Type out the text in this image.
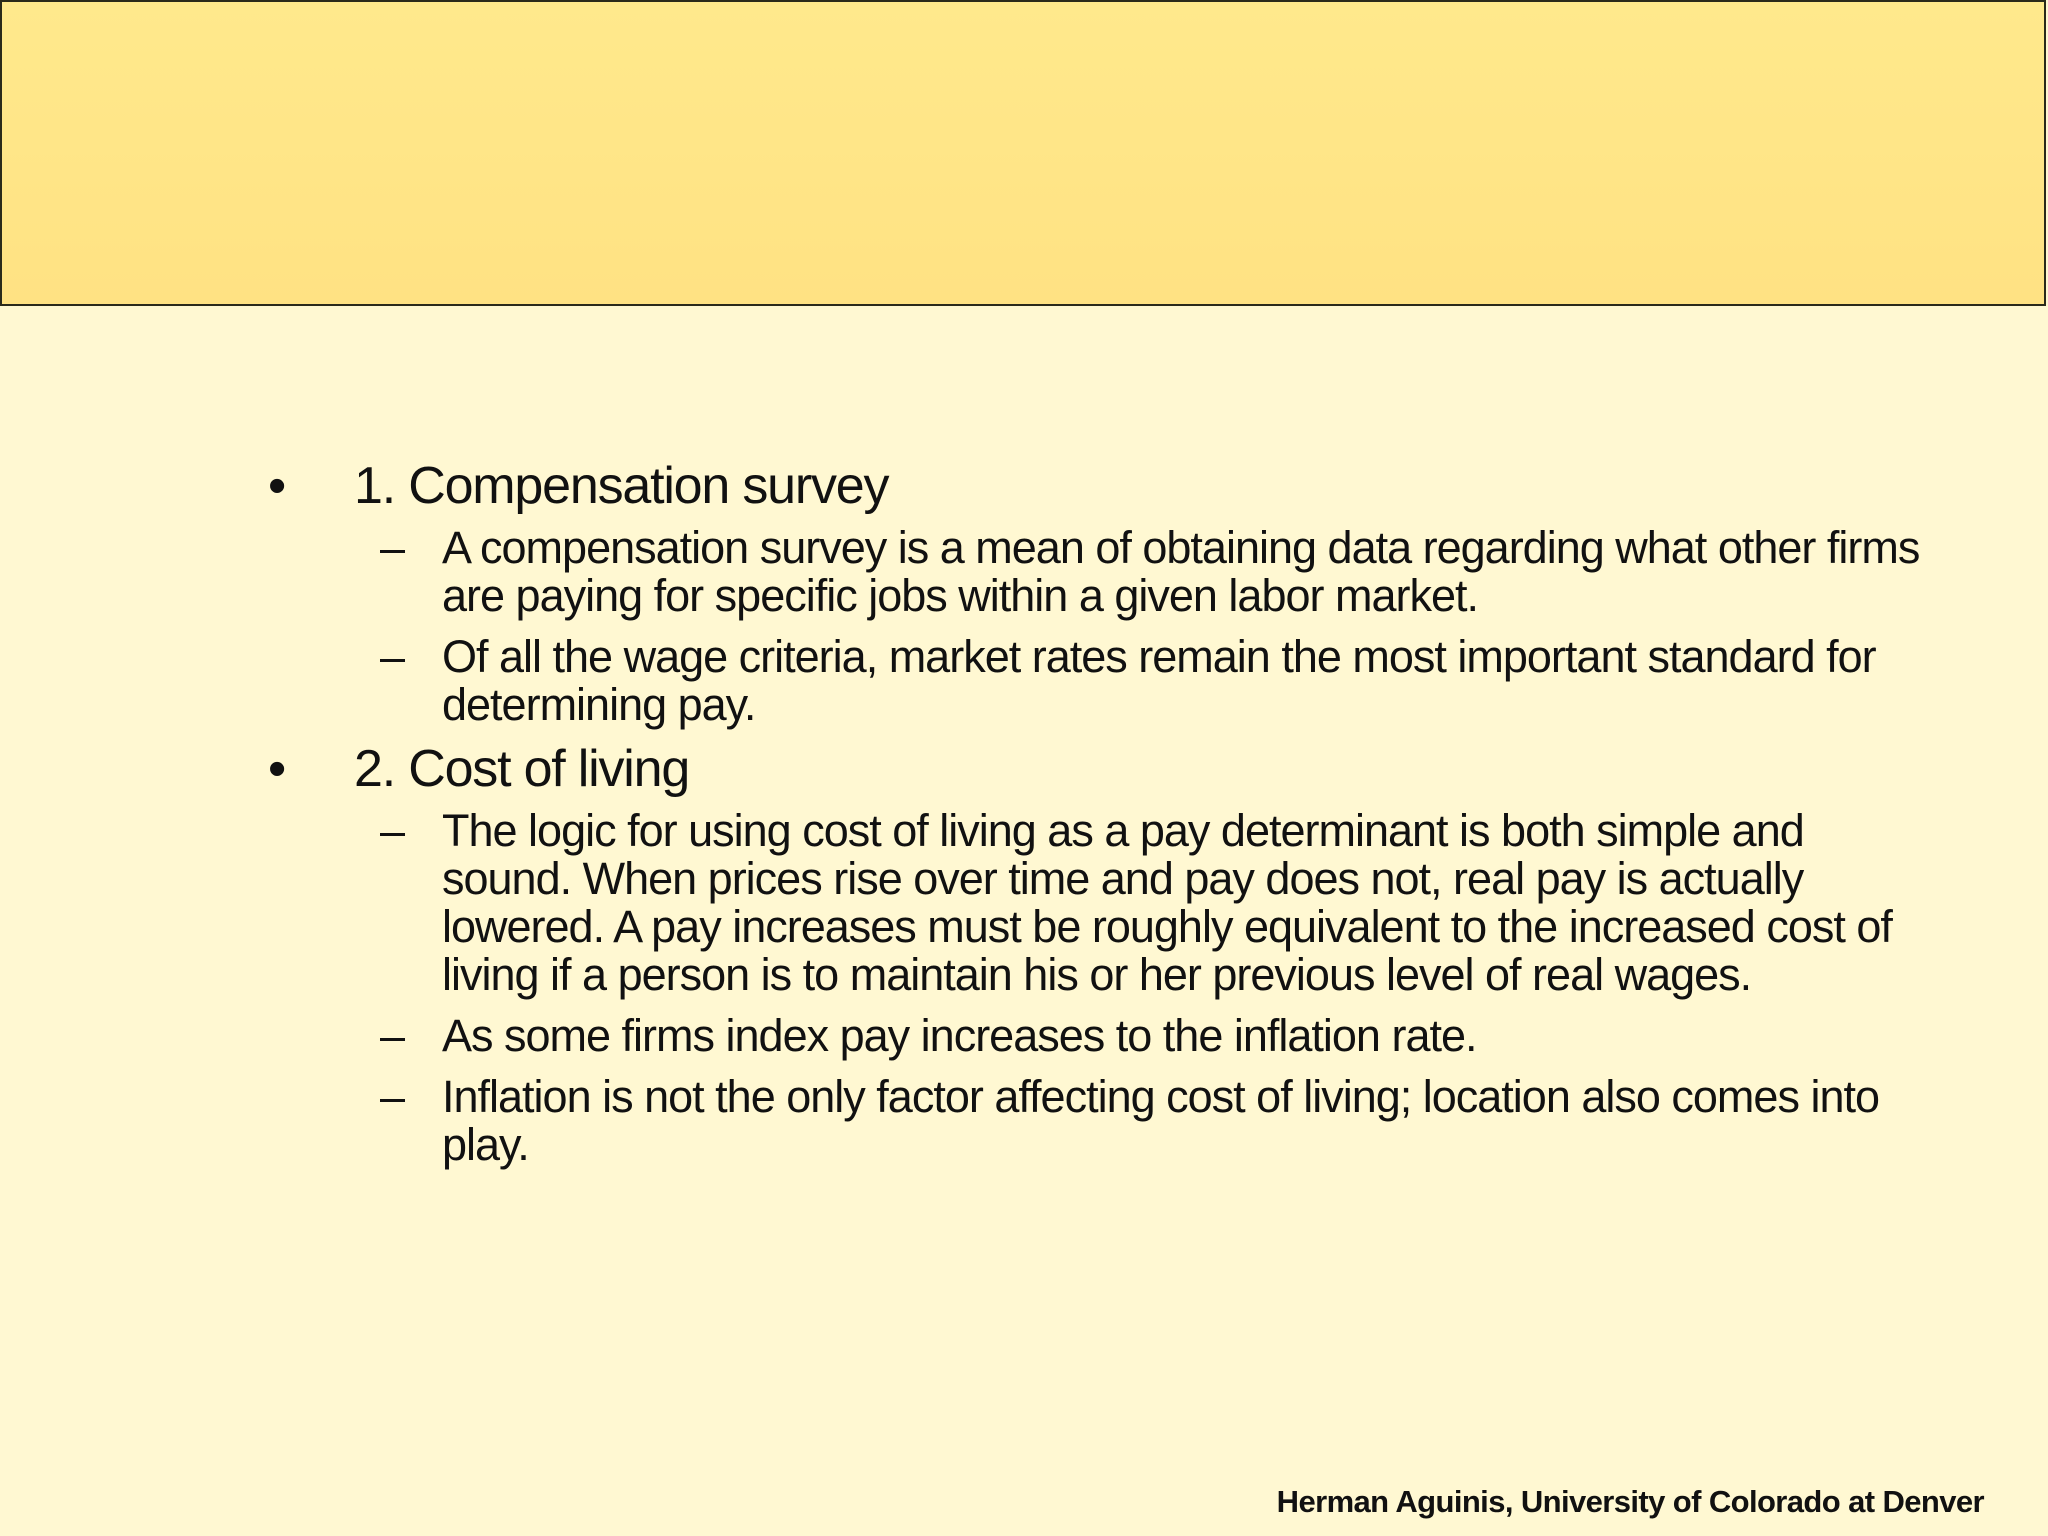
•	1. Compensation survey
– A compensation survey is a mean of obtaining data regarding what other firms are paying for specific jobs within a given labor market.
– Of all the wage criteria, market rates remain the most important standard for determining pay.
•	2. Cost of living
– The logic for using cost of living as a pay determinant is both simple and sound. When prices rise over time and pay does not, real pay is actually lowered. A pay increases must be roughly equivalent to the increased cost of living if a person is to maintain his or her previous level of real wages.
– As some firms index pay increases to the inflation rate.
– Inflation is not the only factor affecting cost of living; location also comes into play.
Herman Aguinis, University of Colorado at Denver
